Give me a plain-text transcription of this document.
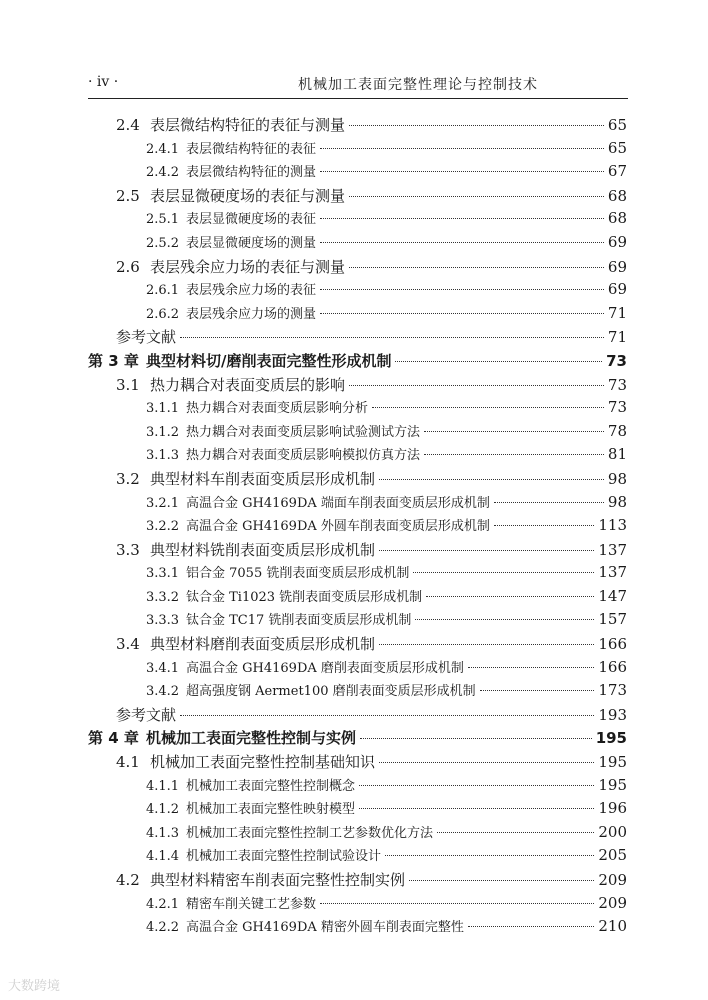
· iv ·	机械加工表面完整性理论与控制技术
2.4 表层微结构特征的表征与测量	65
2.4.1 表层微结构特征的表征	65
2.4.2 表层微结构特征的测量	67
2.5 表层显微硬度场的表征与测量	68
2.5.1 表层显微硬度场的表征	68
2.5.2 表层显微硬度场的测量	69
2.6 表层残余应力场的表征与测量	69
2.6.1 表层残余应力场的表征	69
2.6.2 表层残余应力场的测量	71
参考文献	71
第 3 章 典型材料切/磨削表面完整性形成机制	73
3.1 热力耦合对表面变质层的影响	73
3.1.1 热力耦合对表面变质层影响分析	73
3.1.2 热力耦合对表面变质层影响试验测试方法	78
3.1.3 热力耦合对表面变质层影响模拟仿真方法	81
3.2 典型材料车削表面变质层形成机制	98
3.2.1 高温合金 GH4169DA 端面车削表面变质层形成机制	98
3.2.2 高温合金 GH4169DA 外圆车削表面变质层形成机制	113
3.3 典型材料铣削表面变质层形成机制	137
3.3.1 铝合金 7055 铣削表面变质层形成机制	137
3.3.2 钛合金 Ti1023 铣削表面变质层形成机制	147
3.3.3 钛合金 TC17 铣削表面变质层形成机制	157
3.4 典型材料磨削表面变质层形成机制	166
3.4.1 高温合金 GH4169DA 磨削表面变质层形成机制	166
3.4.2 超高强度钢 Aermet100 磨削表面变质层形成机制	173
参考文献	193
第 4 章 机械加工表面完整性控制与实例	195
4.1 机械加工表面完整性控制基础知识	195
4.1.1 机械加工表面完整性控制概念	195
4.1.2 机械加工表面完整性映射模型	196
4.1.3 机械加工表面完整性控制工艺参数优化方法	200
4.1.4 机械加工表面完整性控制试验设计	205
4.2 典型材料精密车削表面完整性控制实例	209
4.2.1 精密车削关键工艺参数	209
4.2.2 高温合金 GH4169DA 精密外圆车削表面完整性	210
大数跨境
